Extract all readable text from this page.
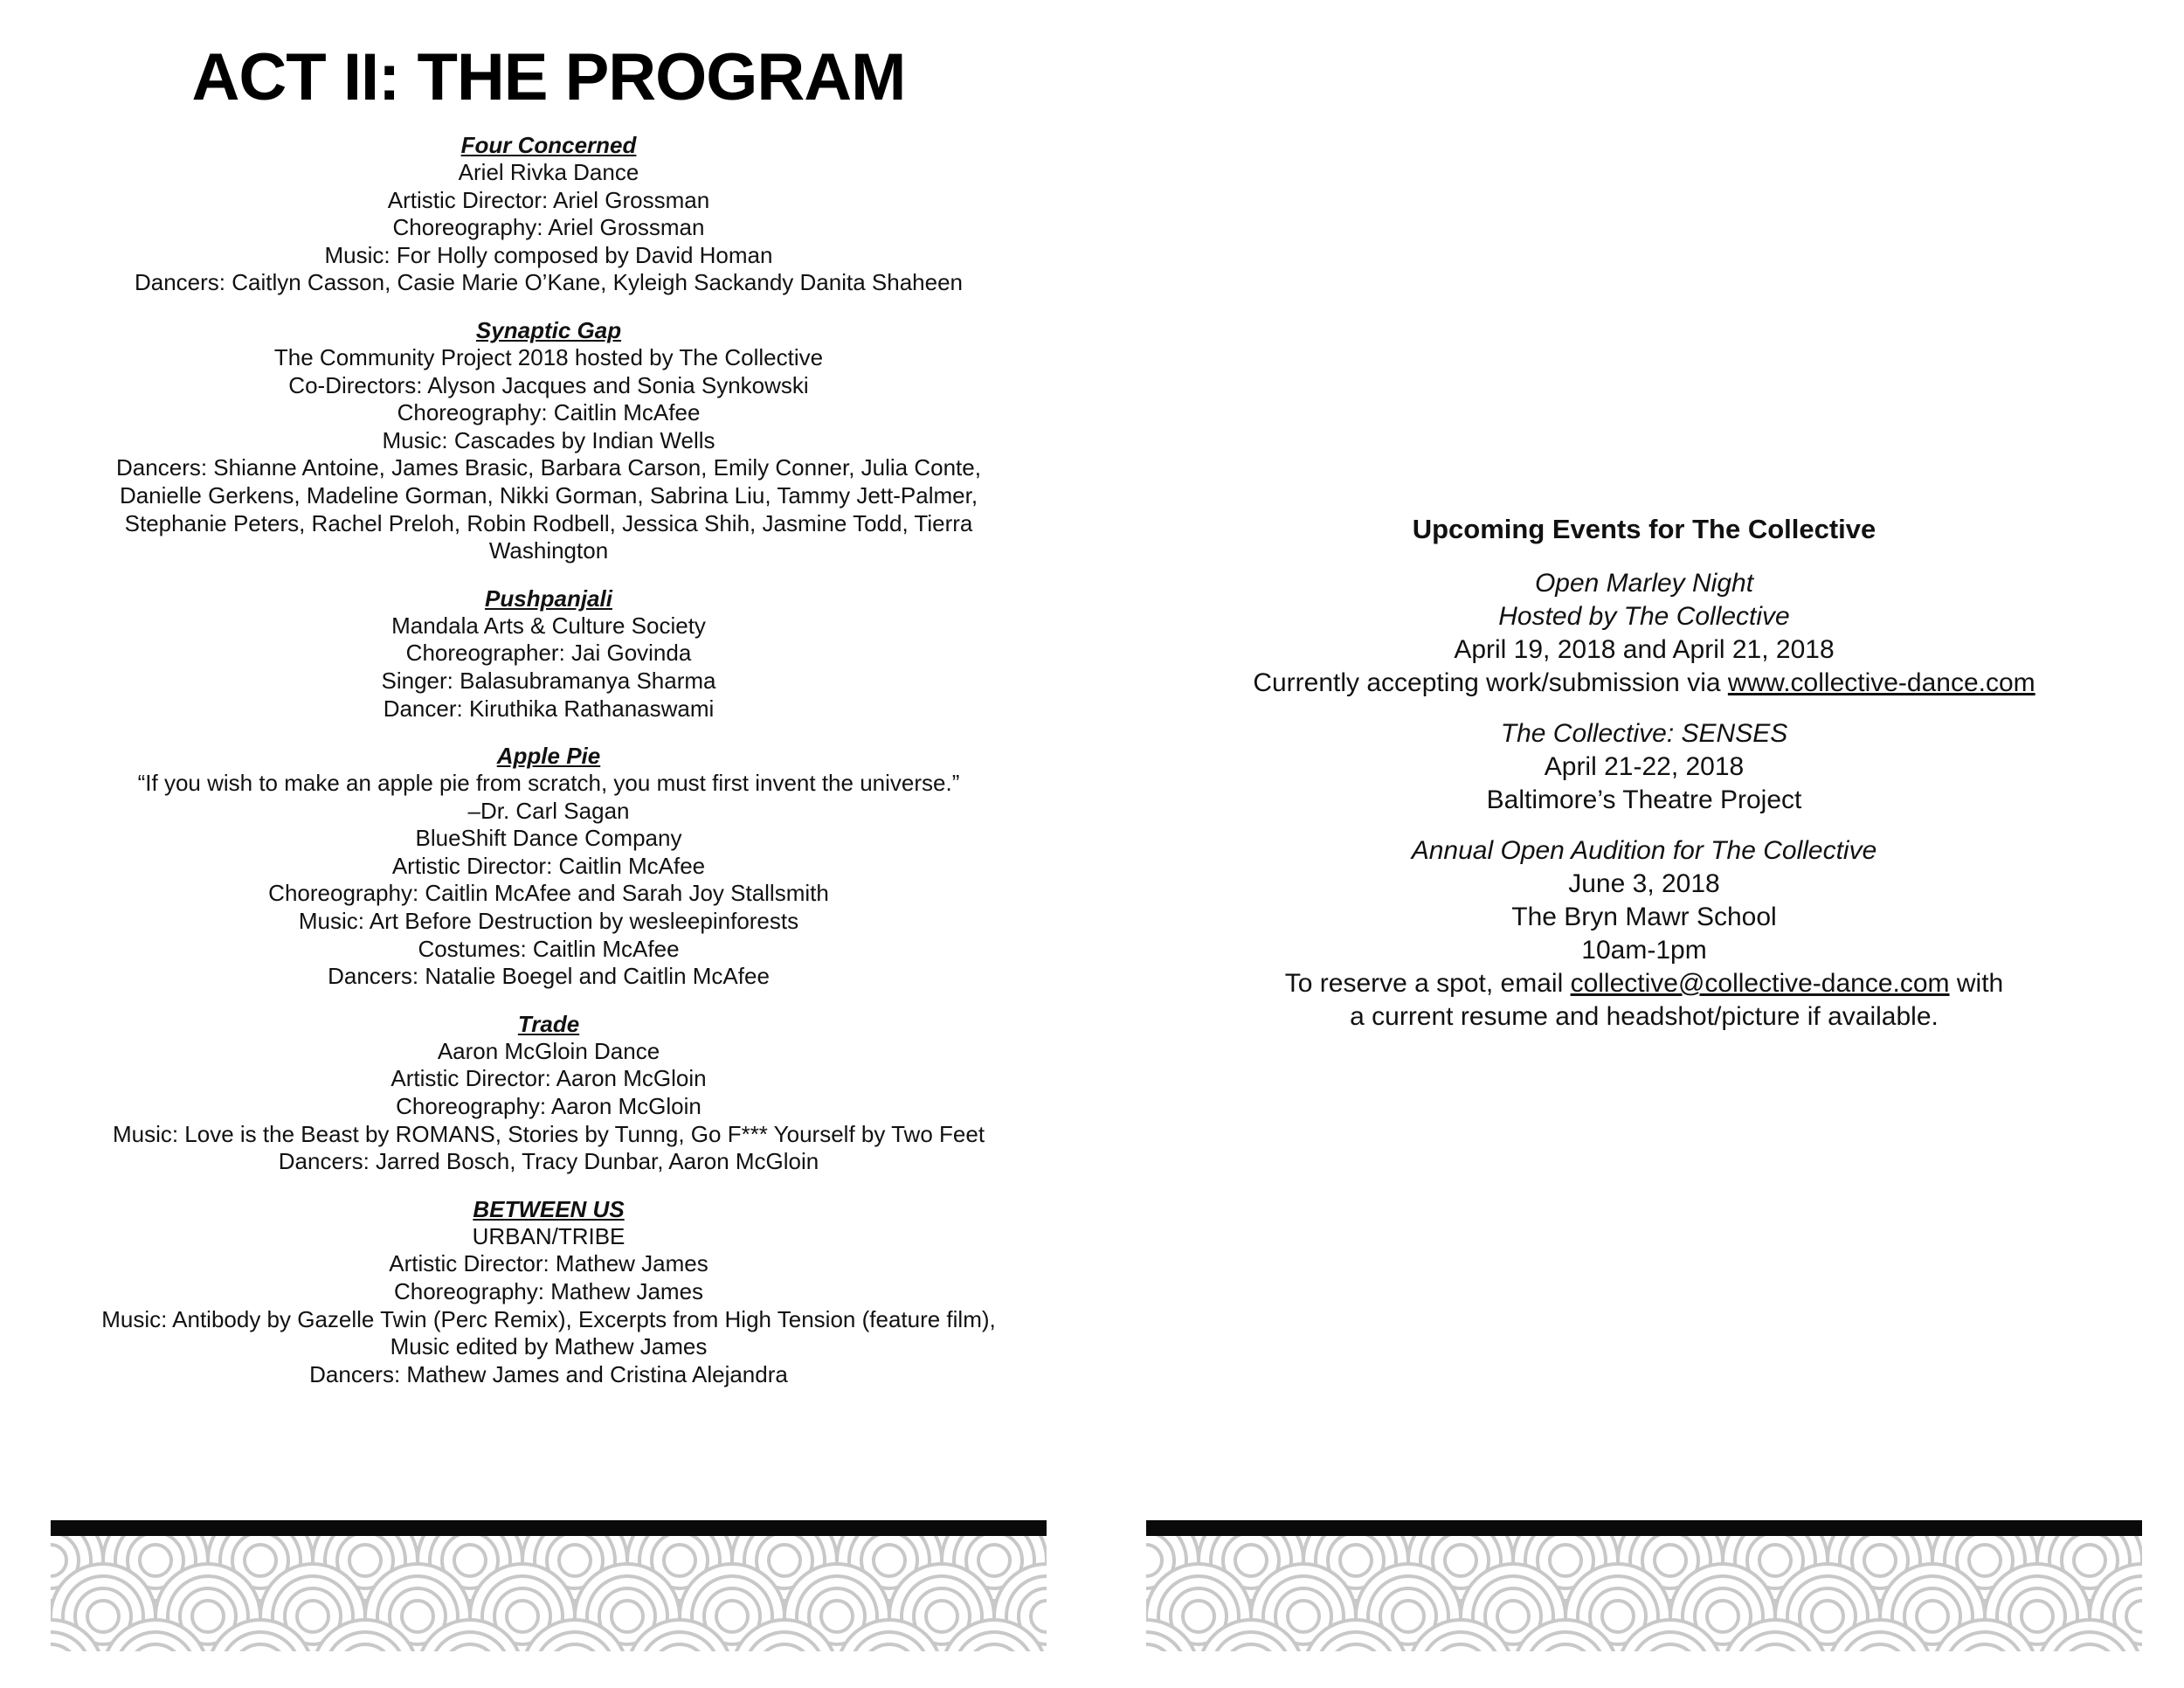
ACT II: THE PROGRAM

Four Concerned

Ariel Rivka Dance

Artistic Director: Ariel Grossman

Choreography: Ariel Grossman

Music: For Holly composed by David Homan

Dancers: Caitlyn Casson, Casie Marie O’Kane, Kyleigh Sackandy Danita Shaheen

Synaptic Gap

The Community Project 2018 hosted by The Collective

Co-Directors: Alyson Jacques and Sonia Synkowski

Choreography: Caitlin McAfee

Music: Cascades by Indian Wells

Dancers: Shianne Antoine, James Brasic, Barbara Carson, Emily Conner, Julia Conte,

Danielle Gerkens, Madeline Gorman, Nikki Gorman, Sabrina Liu, Tammy Jett-Palmer,

Stephanie Peters, Rachel Preloh, Robin Rodbell, Jessica Shih, Jasmine Todd, Tierra

Washington

Pushpanjali

Mandala Arts & Culture Society

Choreographer: Jai Govinda

Singer: Balasubramanya Sharma

Dancer: Kiruthika Rathanaswami

Apple Pie

“If you wish to make an apple pie from scratch, you must first invent the universe.”

–Dr. Carl Sagan

BlueShift Dance Company

Artistic Director: Caitlin McAfee

Choreography: Caitlin McAfee and Sarah Joy Stallsmith

Music: Art Before Destruction by wesleepinforests

Costumes: Caitlin McAfee

Dancers: Natalie Boegel and Caitlin McAfee

Trade

Aaron McGloin Dance

Artistic Director: Aaron McGloin

Choreography: Aaron McGloin

Music: Love is the Beast by ROMANS, Stories by Tunng, Go F*** Yourself by Two Feet

Dancers: Jarred Bosch, Tracy Dunbar, Aaron McGloin

BETWEEN US

URBAN/TRIBE

Artistic Director: Mathew James

Choreography: Mathew James

Music: Antibody by Gazelle Twin (Perc Remix), Excerpts from High Tension (feature film),

Music edited by Mathew James

Dancers: Mathew James and Cristina Alejandra

Upcoming Events for The Collective

Open Marley Night

Hosted by The Collective

April 19, 2018 and April 21, 2018

Currently accepting work/submission via www.collective-dance.com

The Collective: SENSES

April 21-22, 2018

Baltimore’s Theatre Project

Annual Open Audition for The Collective

June 3, 2018

The Bryn Mawr School

10am-1pm

To reserve a spot, email collective@collective-dance.com with

a current resume and headshot/picture if available.
